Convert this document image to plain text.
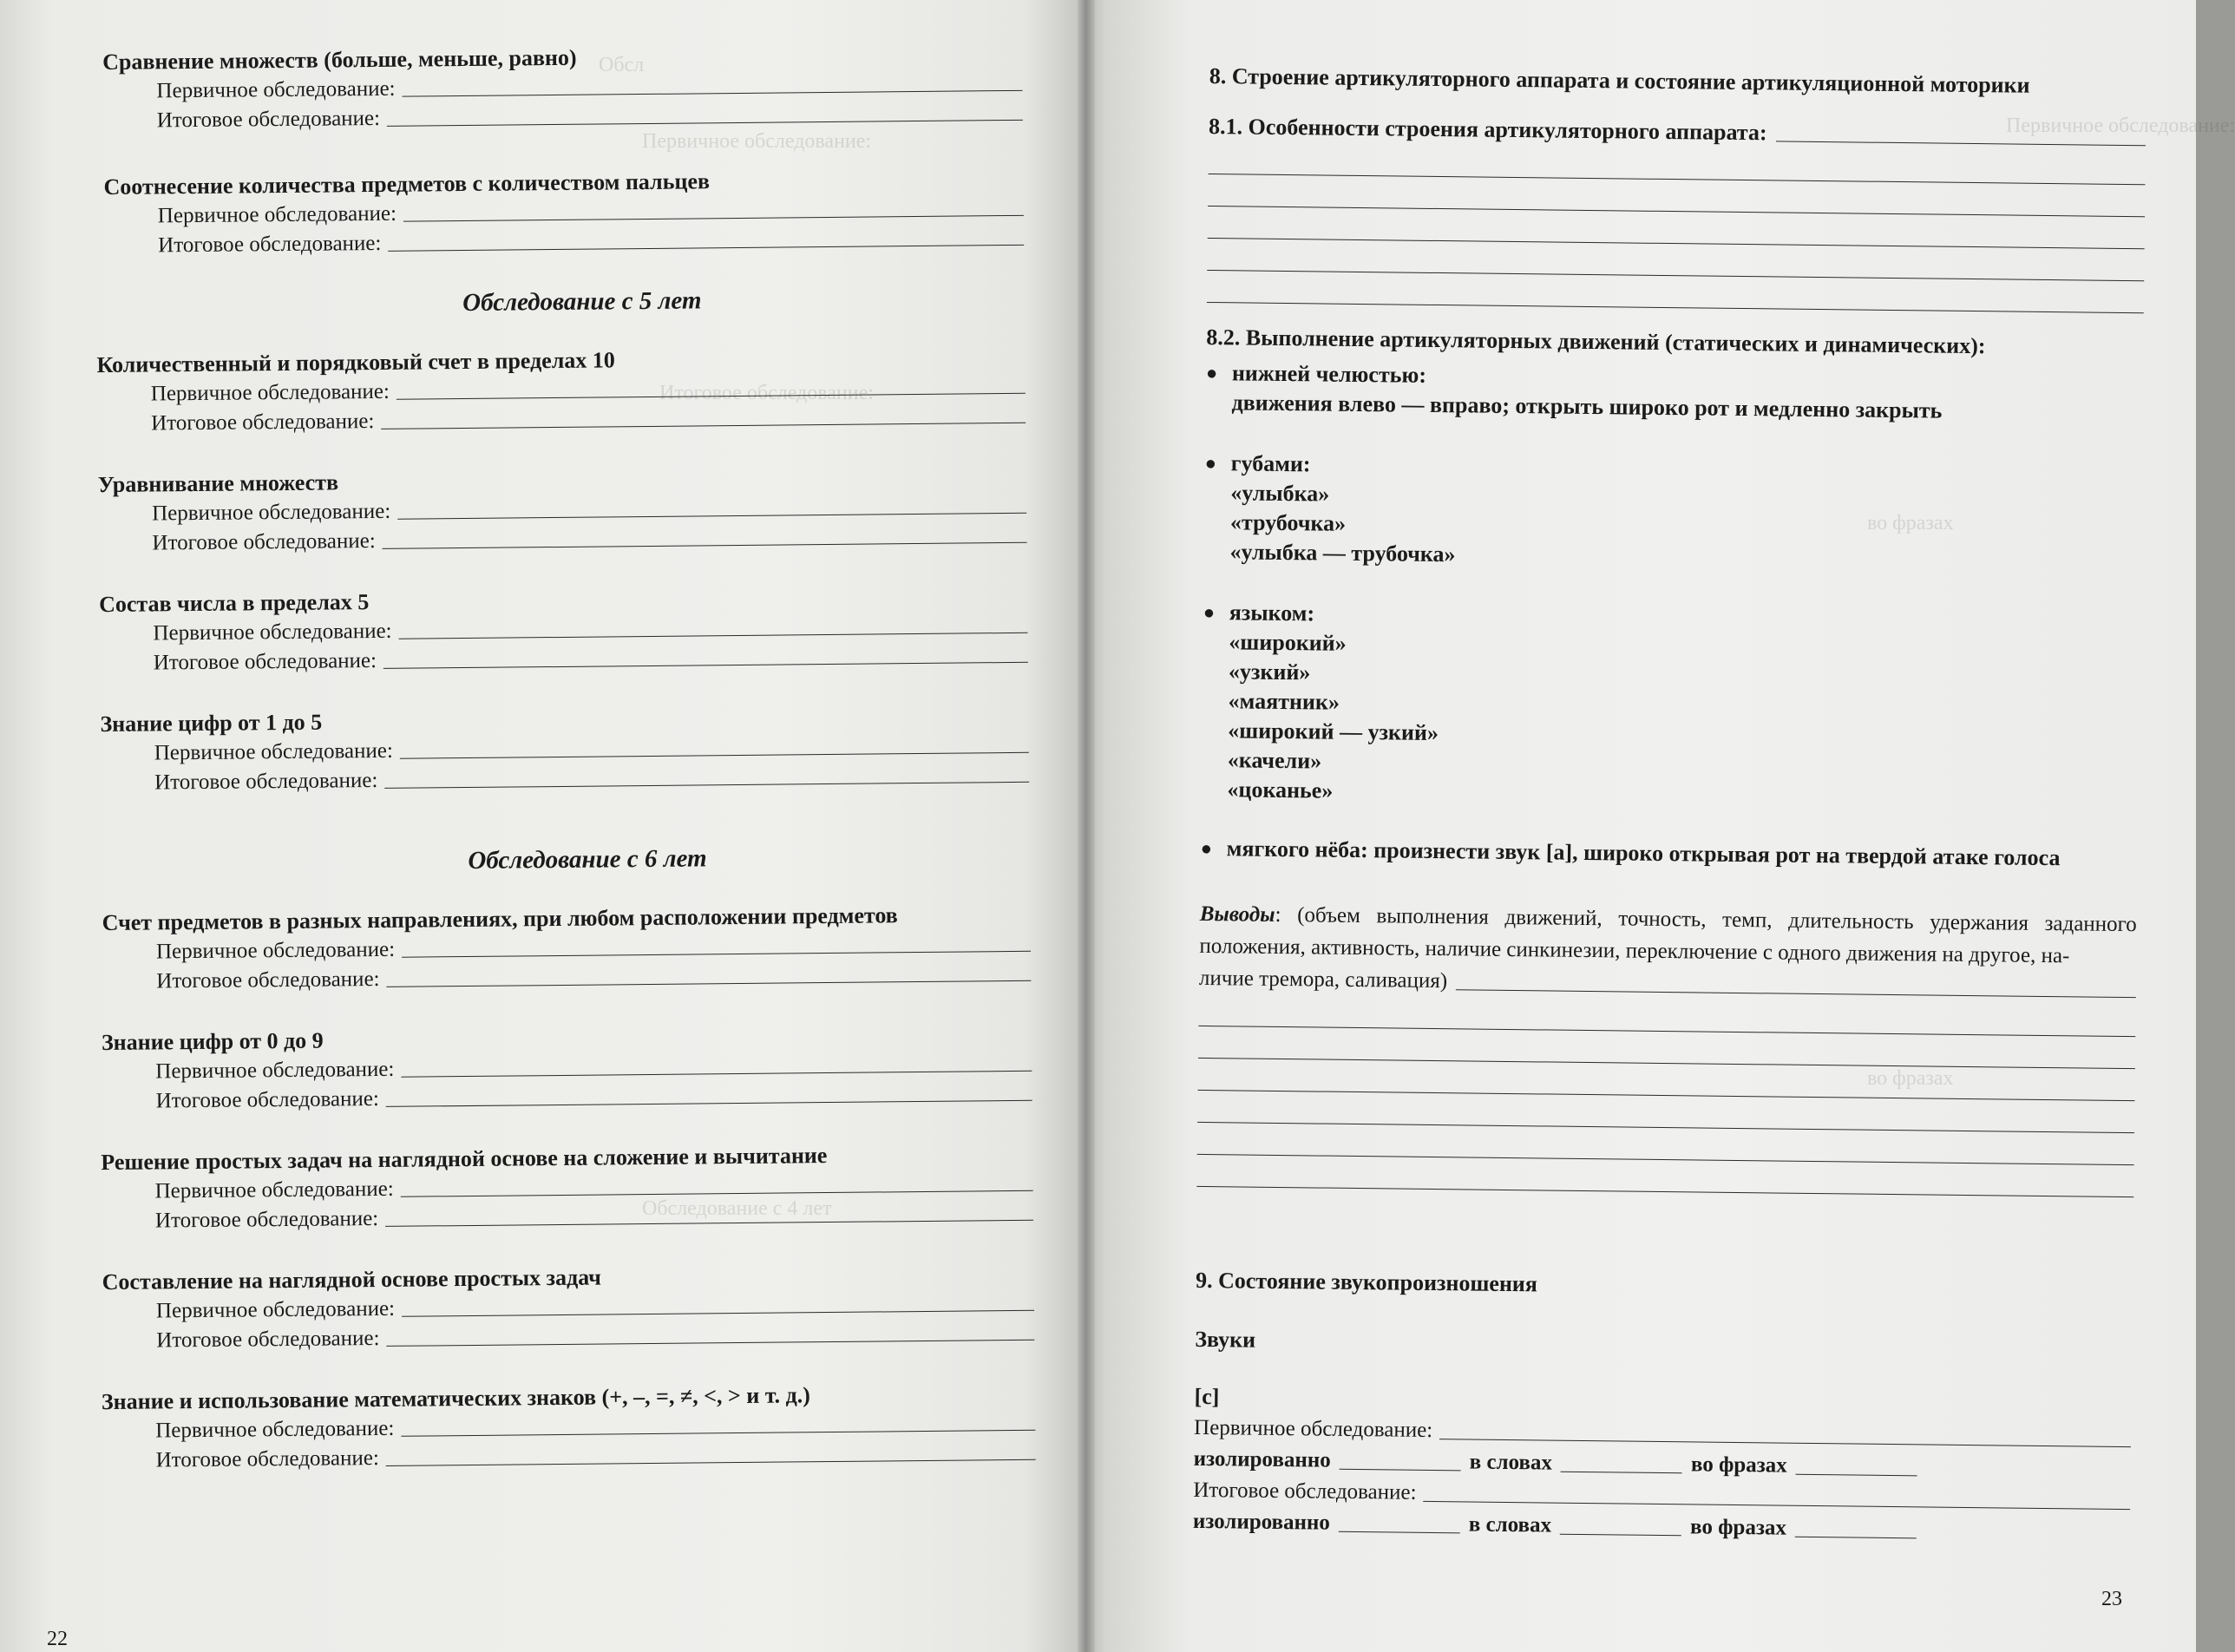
Обсл
Первичное обследование:
Итоговое обследование:
Обследование с 4 лет
Сравнение множеств (больше, меньше, равно)
Первичное обследование:
Итоговое обследование:
Соотнесение количества предметов с количеством пальцев
Первичное обследование:
Итоговое обследование:
Обследование с 5 лет
Количественный и порядковый счет в пределах 10
Первичное обследование:
Итоговое обследование:
Уравнивание множеств
Первичное обследование:
Итоговое обследование:
Состав числа в пределах 5
Первичное обследование:
Итоговое обследование:
Знание цифр от 1 до 5
Первичное обследование:
Итоговое обследование:
Обследование с 6 лет
Счет предметов в разных направлениях, при любом расположении предметов
Первичное обследование:
Итоговое обследование:
Знание цифр от 0 до 9
Первичное обследование:
Итоговое обследование:
Решение простых задач на наглядной основе на сложение и вычитание
Первичное обследование:
Итоговое обследование:
Составление на наглядной основе простых задач
Первичное обследование:
Итоговое обследование:
Знание и использование математических знаков (+, –, =, ≠, <, > и т. д.)
Первичное обследование:
Итоговое обследование:
22
Первичное обследование:
во фразах
во фразах
8. Строение артикуляторного аппарата и состояние артикуляционной моторики
8.1. Особенности строения артикуляторного аппарата:
8.2. Выполнение артикуляторных движений (статических и динамических):
● нижней челюстью:
движения влево — вправо; открыть широко рот и медленно закрыть
● губами:
«улыбка»
«трубочка»
«улыбка — трубочка»
● языком:
«широкий»
«узкий»
«маятник»
«широкий — узкий»
«качели»
«цоканье»
● мягкого нёба: произнести звук [а], широко открывая рот на твердой атаке голоса
Выводы: (объем выполнения движений, точность, темп, длительность удержания заданного положения, активность, наличие синкинезии, переключение с одного движения на другое, на-
личие тремора, саливация)
9. Состояние звукопроизношения
Звуки
[с]
Первичное обследование:
изолированно	в словах	во фразах
Итоговое обследование:
изолированно	в словах	во фразах
23
